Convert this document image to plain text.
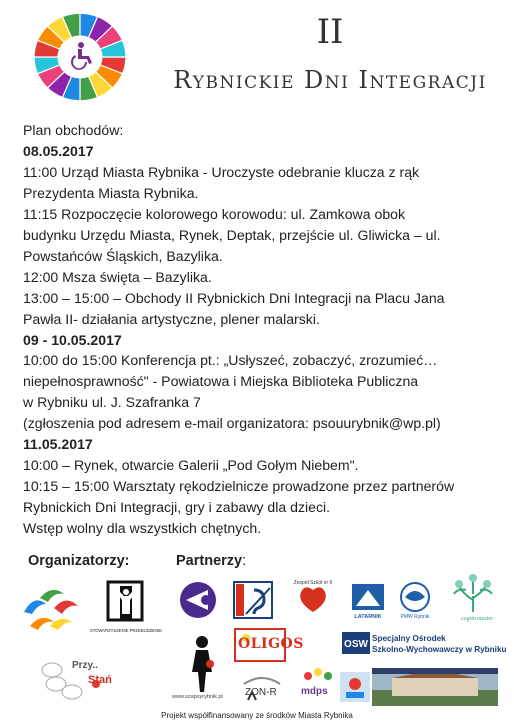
II
Rybnickie Dni Integracji
Plan obchodów:
08.05.2017
11:00 Urząd Miasta Rybnika - Uroczyste odebranie klucza z rąk
Prezydenta Miasta Rybnika.
11:15 Rozpoczęcie kolorowego korowodu: ul. Zamkowa obok
budynku Urzędu Miasta, Rynek, Deptak, przejście ul. Gliwicka – ul.
Powstańców Śląskich, Bazylika.
12:00 Msza święta – Bazylika.
13:00 – 15:00 – Obchody II Rybnickich Dni Integracji na Placu Jana
Pawła II- działania artystyczne, plener malarski.
09 - 10.05.2017
10:00 do 15:00 Konferencja pt.: „Usłyszeć, zobaczyć, zrozumieć…
niepełnosprawność" - Powiatowa i Miejska Biblioteka Publiczna
w Rybniku ul. J. Szafranka 7
(zgłoszenia pod adresem e-mail organizatora: psouurybnik@wp.pl)
11.05.2017
10:00 – Rynek, otwarcie Galerii „Pod Gołym Niebem".
10:15 – 15:00 Warsztaty rękodzielnicze prowadzone przez partnerów
Rybnickich Dni Integracji, gry i zabawy dla dzieci.
Wstęp wolny dla wszystkich chętnych.
Organizatorzy:	Partnerzy:
STOWARZYSZENIE PRZEBUDZENIE
Przy..
Stań
Zespół Szkół nr 6
LATARNIK	PMW Rybnik	cogito muster
www.szapsyrybnik.pl
OLIGOS	OSW
Specjalny Ośrodek
Szkolno-Wychowawczy w Rybniku
ZON-R mdps
Projekt współfinansowany ze środków Miasta Rybnika
